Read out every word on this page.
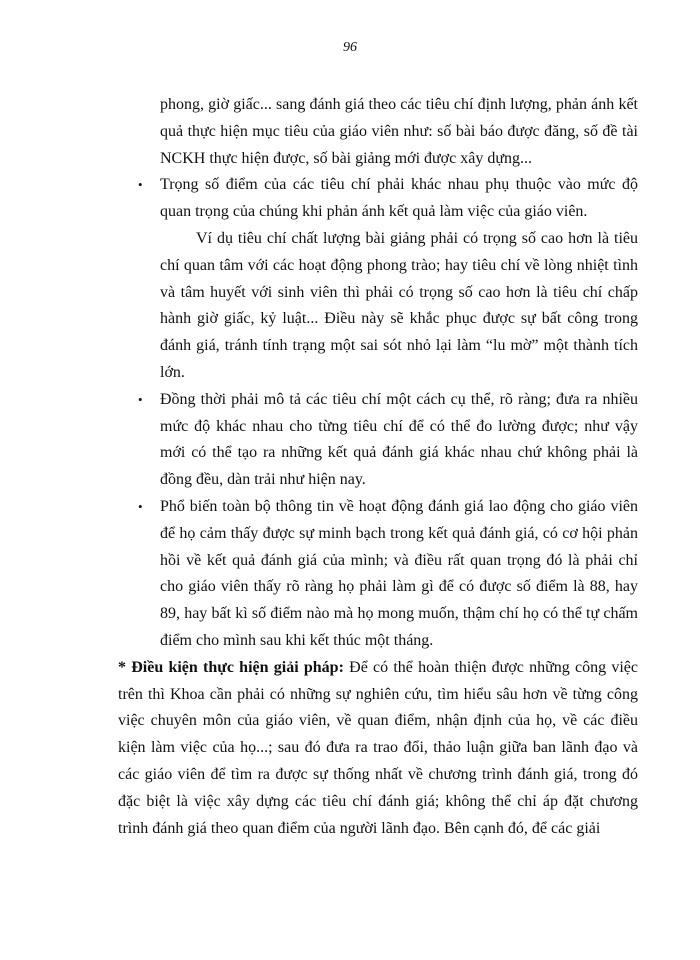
96

phong, giờ giấc... sang đánh giá theo các tiêu chí định lượng, phản ánh kết quả thực hiện mục tiêu của giáo viên như: số bài báo được đăng, số đề tài NCKH thực hiện được, số bài giảng mới được xây dựng...

• Trọng số điểm của các tiêu chí phải khác nhau phụ thuộc vào mức độ quan trọng của chúng khi phản ánh kết quả làm việc của giáo viên.

Ví dụ tiêu chí chất lượng bài giảng phải có trọng số cao hơn là tiêu chí quan tâm với các hoạt động phong trào; hay tiêu chí về lòng nhiệt tình và tâm huyết với sinh viên thì phải có trọng số cao hơn là tiêu chí chấp hành giờ giấc, kỷ luật... Điều này sẽ khắc phục được sự bất công trong đánh giá, tránh tính trạng một sai sót nhỏ lại làm “lu mờ” một thành tích lớn.

• Đồng thời phải mô tả các tiêu chí một cách cụ thể, rõ ràng; đưa ra nhiều mức độ khác nhau cho từng tiêu chí để có thể đo lường được; như vậy mới có thể tạo ra những kết quả đánh giá khác nhau chứ không phải là đồng đều, dàn trải như hiện nay.

• Phổ biến toàn bộ thông tin về hoạt động đánh giá lao động cho giáo viên để họ cảm thấy được sự minh bạch trong kết quả đánh giá, có cơ hội phản hồi về kết quả đánh giá của mình; và điều rất quan trọng đó là phải chỉ cho giáo viên thấy rõ ràng họ phải làm gì để có được số điểm là 88, hay 89, hay bất kì số điểm nào mà họ mong muốn, thậm chí họ có thể tự chấm điểm cho mình sau khi kết thúc một tháng.

* Điều kiện thực hiện giải pháp: Để có thể hoàn thiện được những công việc trên thì Khoa cần phải có những sự nghiên cứu, tìm hiểu sâu hơn về từng công việc chuyên môn của giáo viên, về quan điểm, nhận định của họ, về các điều kiện làm việc của họ...; sau đó đưa ra trao đổi, thảo luận giữa ban lãnh đạo và các giáo viên để tìm ra được sự thống nhất về chương trình đánh giá, trong đó đặc biệt là việc xây dựng các tiêu chí đánh giá; không thể chỉ áp đặt chương trình đánh giá theo quan điểm của người lãnh đạo. Bên cạnh đó, để các giải
